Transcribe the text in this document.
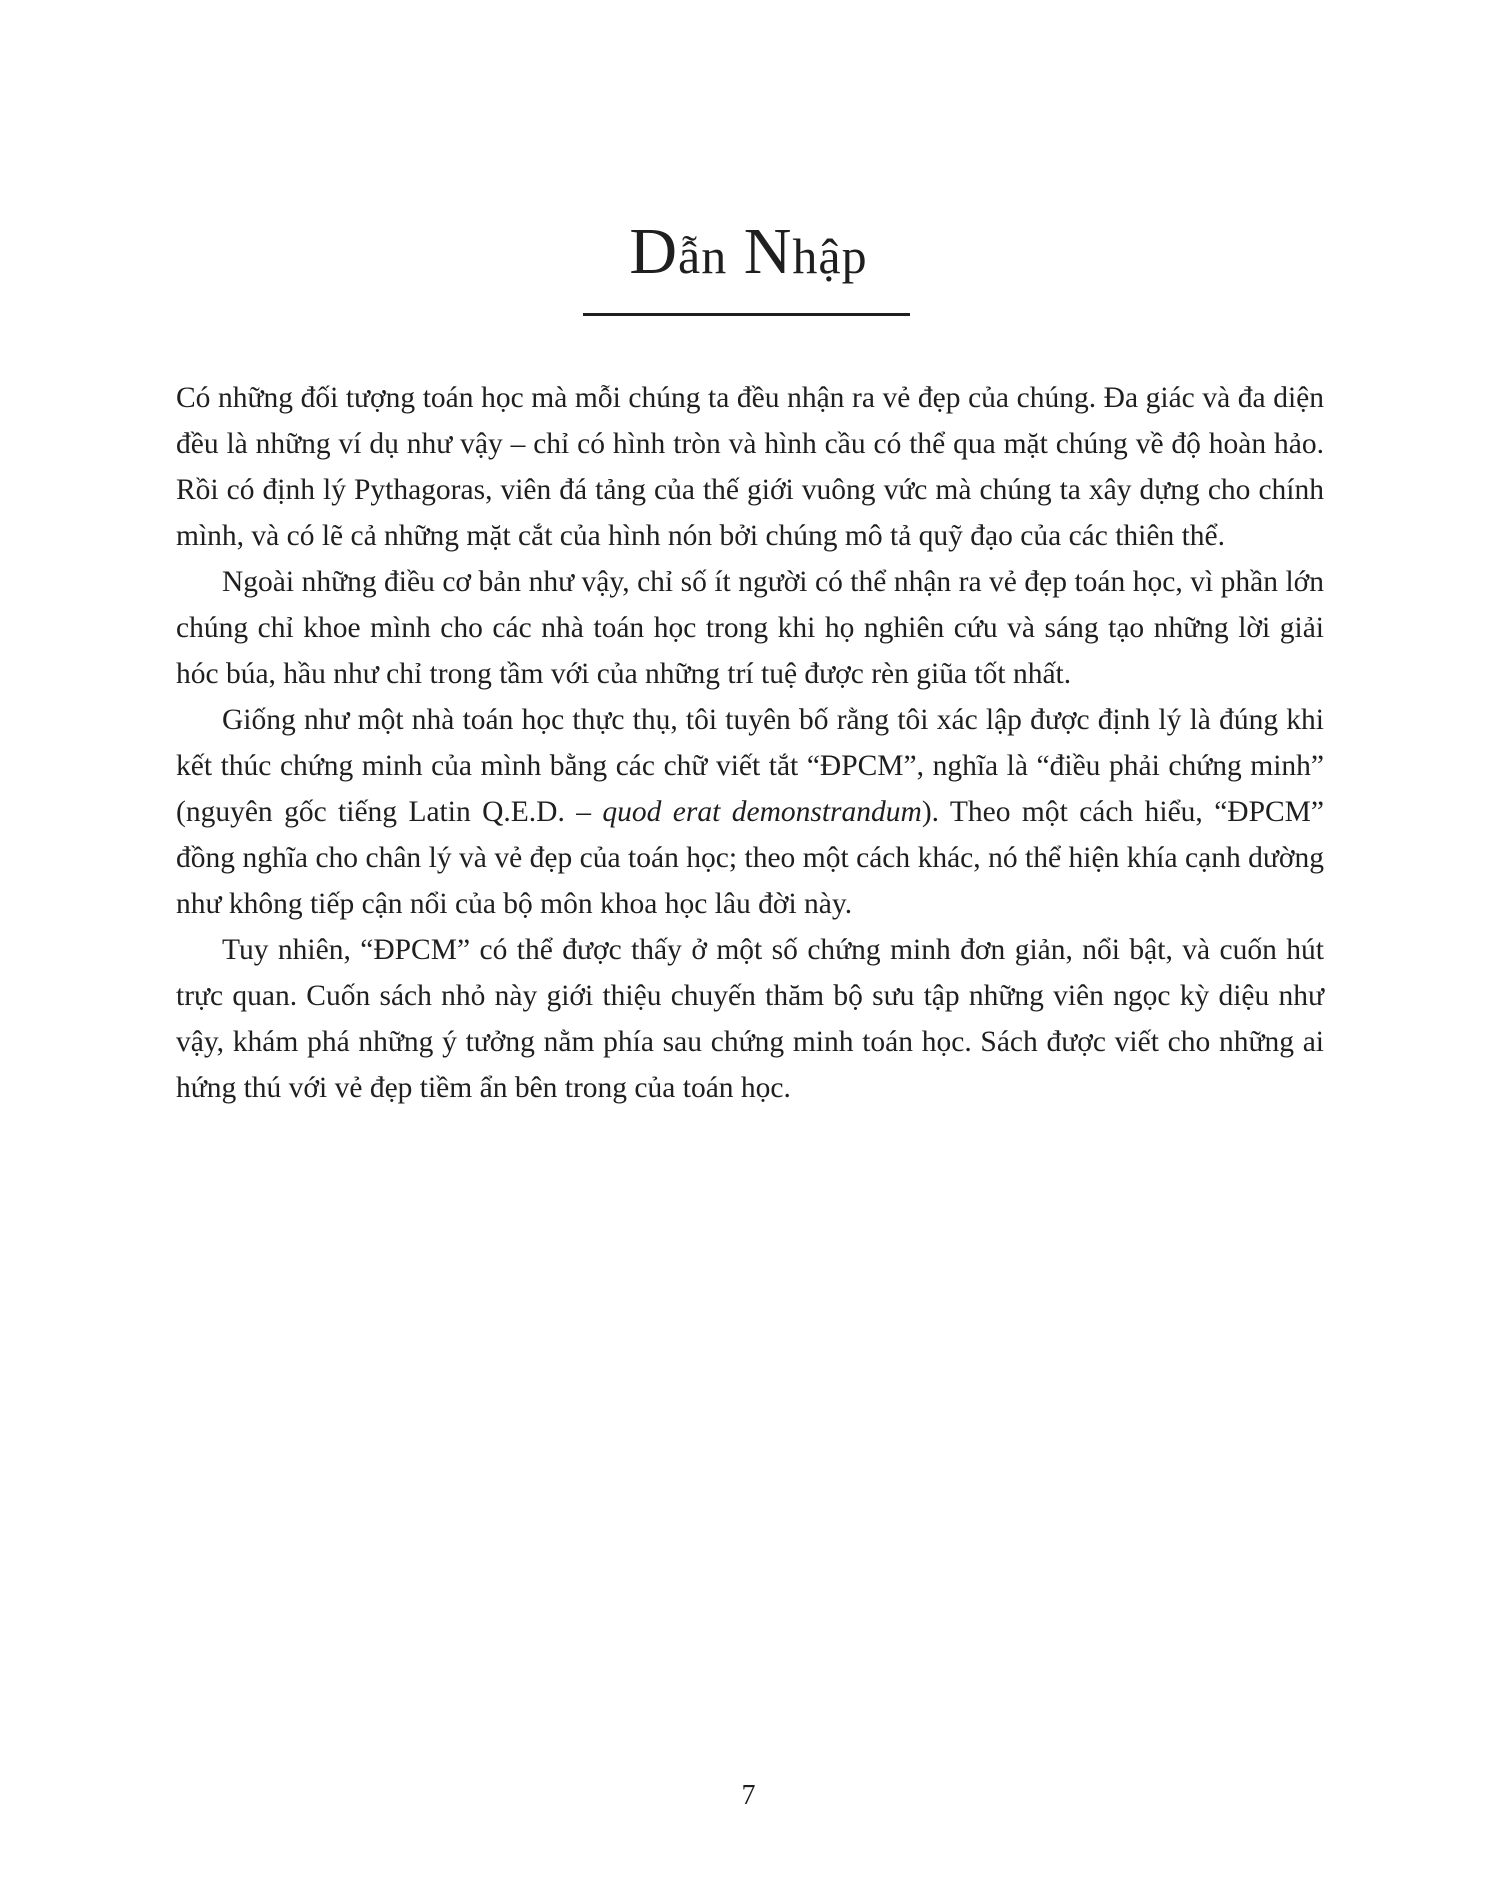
Dẫn Nhập

Có những đối tượng toán học mà mỗi chúng ta đều nhận ra vẻ đẹp của chúng. Đa giác và đa diện đều là những ví dụ như vậy – chỉ có hình tròn và hình cầu có thể qua mặt chúng về độ hoàn hảo. Rồi có định lý Pythagoras, viên đá tảng của thế giới vuông vức mà chúng ta xây dựng cho chính mình, và có lẽ cả những mặt cắt của hình nón bởi chúng mô tả quỹ đạo của các thiên thể.

Ngoài những điều cơ bản như vậy, chỉ số ít người có thể nhận ra vẻ đẹp toán học, vì phần lớn chúng chỉ khoe mình cho các nhà toán học trong khi họ nghiên cứu và sáng tạo những lời giải hóc búa, hầu như chỉ trong tầm với của những trí tuệ được rèn giũa tốt nhất.

Giống như một nhà toán học thực thụ, tôi tuyên bố rằng tôi xác lập được định lý là đúng khi kết thúc chứng minh của mình bằng các chữ viết tắt “ĐPCM”, nghĩa là “điều phải chứng minh” (nguyên gốc tiếng Latin Q.E.D. – quod erat demonstrandum). Theo một cách hiểu, “ĐPCM” đồng nghĩa cho chân lý và vẻ đẹp của toán học; theo một cách khác, nó thể hiện khía cạnh dường như không tiếp cận nổi của bộ môn khoa học lâu đời này.

Tuy nhiên, “ĐPCM” có thể được thấy ở một số chứng minh đơn giản, nổi bật, và cuốn hút trực quan. Cuốn sách nhỏ này giới thiệu chuyến thăm bộ sưu tập những viên ngọc kỳ diệu như vậy, khám phá những ý tưởng nằm phía sau chứng minh toán học. Sách được viết cho những ai hứng thú với vẻ đẹp tiềm ẩn bên trong của toán học.

7
